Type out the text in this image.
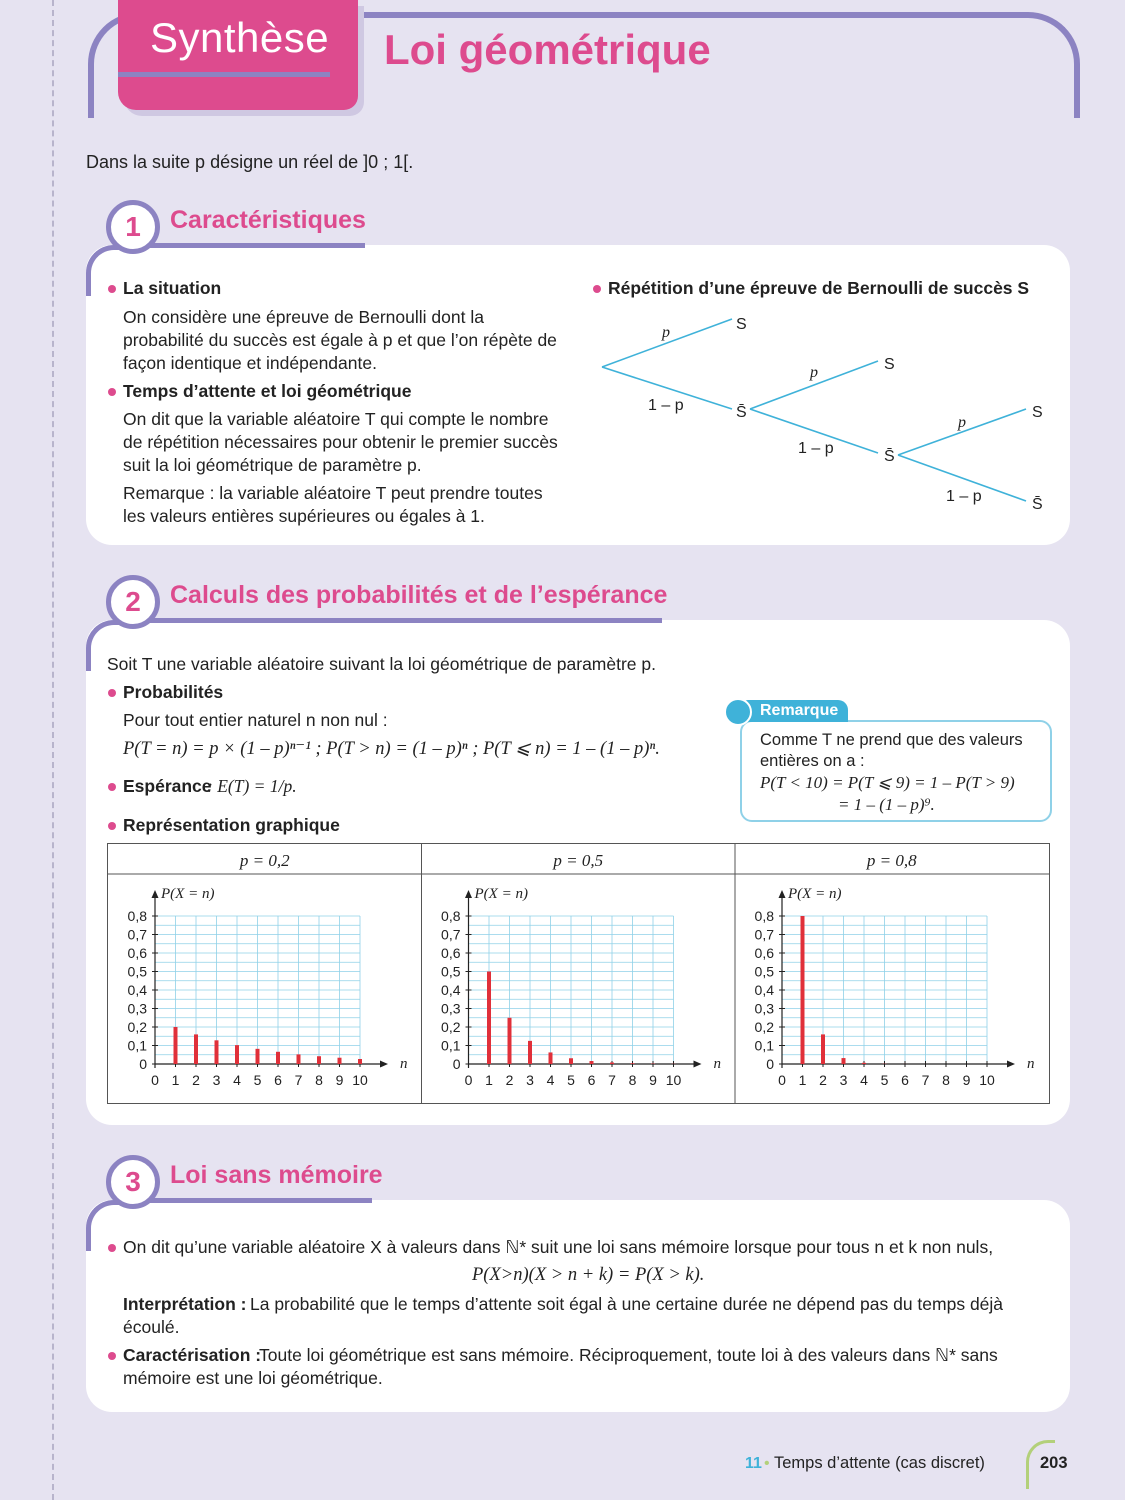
Synthèse Loi géométrique
Dans la suite p désigne un réel de ]0 ; 1[.
1	Caractéristiques
La situation
On considère une épreuve de Bernoulli dont la
probabilité du succès est égale à p et que l’on répète de
façon identique et indépendante.
Temps d’attente et loi géométrique
On dit que la variable aléatoire T qui compte le nombre
de répétition nécessaires pour obtenir le premier succès
suit la loi géométrique de paramètre p.
Remarque : la variable aléatoire T peut prendre toutes
les valeurs entières supérieures ou égales à 1.
Répétition d’une épreuve de Bernoulli de succès S
p
1 – p
S
S̄
p
1 – p
S
S̄
p
1 – p
S
S̄
2	Calculs des probabilités et de l’espérance
Soit T une variable aléatoire suivant la loi géométrique de paramètre p.
Probabilités
Pour tout entier naturel n non nul :
P(T = n) = p × (1 – p)ⁿ⁻¹ ; P(T > n) = (1 – p)ⁿ ; P(T ⩽ n) = 1 – (1 – p)ⁿ.
Espérance
: E(T) = 1/p.
Représentation graphique
Remarque
Comme T ne prend que des valeurs
entières on a :
P(T < 10) = P(T ⩽ 9) = 1 – P(T > 9)
= 1 – (1 – p)⁹.
p = 0,2
P(X = n)
n
0
0,1
0,2
0,3
0,4
0,5
0,6
0,7
0,8
0 1 2 3 4 5 6 7 8 9 10
p = 0,5
P(X = n)
n
0
0,1
0,2
0,3
0,4
0,5
0,6
0,7
0,8
0 1 2 3 4 5 6 7 8 9 10
p = 0,8
P(X = n)
n
0
0,1
0,2
0,3
0,4
0,5
0,6
0,7
0,8
0 1 2 3 4 5 6 7 8 9 10
3	Loi sans mémoire
On dit qu’une variable aléatoire X à valeurs dans ℕ* suit une loi sans mémoire lorsque pour tous n et k non nuls,
P(X>n)(X > n + k) = P(X > k).
Interprétation : La probabilité que le temps d’attente soit égal à une certaine durée ne dépend pas du temps déjà
écoulé.
Caractérisation :
Toute loi géométrique est sans mémoire. Réciproquement, toute loi à des valeurs dans ℕ* sans
mémoire est une loi géométrique.
11 • Temps d’attente (cas discret)	203
